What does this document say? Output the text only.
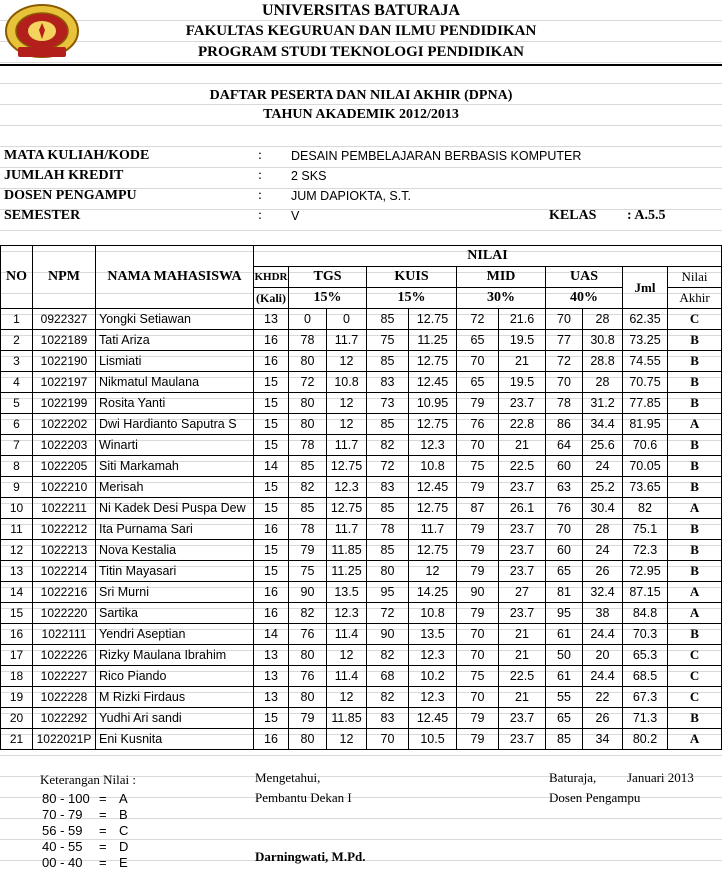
UNIVERSITAS BATURAJA
FAKULTAS KEGURUAN DAN ILMU PENDIDIKAN
PROGRAM STUDI TEKNOLOGI PENDIDIKAN
DAFTAR PESERTA DAN NILAI AKHIR (DPNA)
TAHUN AKADEMIK 2012/2013
MATA KULIAH/KODE	: DESAIN PEMBELAJARAN BERBASIS KOMPUTER
JUMLAH KREDIT	: 2 SKS
DOSEN PENGAMPU	: JUM DAPIOKTA, S.T.
SEMESTER	: V	KELAS : A.5.5
NO	NPM	NAMA MAHASISWA	NILAI										
			KHDR	TGS		KUIS		MID		UAS		Jml	Nilai
			(Kali)	15%		15%		30%		40%			Akhir
1	0922327	Yongki Setiawan	13	0	0	85	12.75	72	21.6	70	28	62.35	C
2	1022189	Tati Ariza	16	78	11.7	75	11.25	65	19.5	77	30.8	73.25	B
3	1022190	Lismiati	16	80	12	85	12.75	70	21	72	28.8	74.55	B
4	1022197	Nikmatul Maulana	15	72	10.8	83	12.45	65	19.5	70	28	70.75	B
5	1022199	Rosita Yanti	15	80	12	73	10.95	79	23.7	78	31.2	77.85	B
6	1022202	Dwi Hardianto Saputra S	15	80	12	85	12.75	76	22.8	86	34.4	81.95	A
7	1022203	Winarti	15	78	11.7	82	12.3	70	21	64	25.6	70.6	B
8	1022205	Siti Markamah	14	85	12.75	72	10.8	75	22.5	60	24	70.05	B
9	1022210	Merisah	15	82	12.3	83	12.45	79	23.7	63	25.2	73.65	B
10	1022211	Ni Kadek Desi Puspa Dew	15	85	12.75	85	12.75	87	26.1	76	30.4	82	A
11	1022212	Ita Purnama Sari	16	78	11.7	78	11.7	79	23.7	70	28	75.1	B
12	1022213	Nova Kestalia	15	79	11.85	85	12.75	79	23.7	60	24	72.3	B
13	1022214	Titin Mayasari	15	75	11.25	80	12	79	23.7	65	26	72.95	B
14	1022216	Sri Murni	16	90	13.5	95	14.25	90	27	81	32.4	87.15	A
15	1022220	Sartika	16	82	12.3	72	10.8	79	23.7	95	38	84.8	A
16	1022111	Yendri Aseptian	14	76	11.4	90	13.5	70	21	61	24.4	70.3	B
17	1022226	Rizky Maulana Ibrahim	13	80	12	82	12.3	70	21	50	20	65.3	C
18	1022227	Rico Piando	13	76	11.4	68	10.2	75	22.5	61	24.4	68.5	C
19	1022228	M Rizki Firdaus	13	80	12	82	12.3	70	21	55	22	67.3	C
20	1022292	Yudhi Ari sandi	15	79	11.85	83	12.45	79	23.7	65	26	71.3	B
21	1022021P	Eni Kusnita	16	80	12	70	10.5	79	23.7	85	34	80.2	A
Keterangan Nilai :
80 - 100 = A
70 - 79 = B
56 - 59 = C
40 - 55 = D
00 - 40 = E
Mengetahui,
Pembantu Dekan I
Darningwati, M.Pd.
Baturaja, Januari 2013
Dosen Pengampu
